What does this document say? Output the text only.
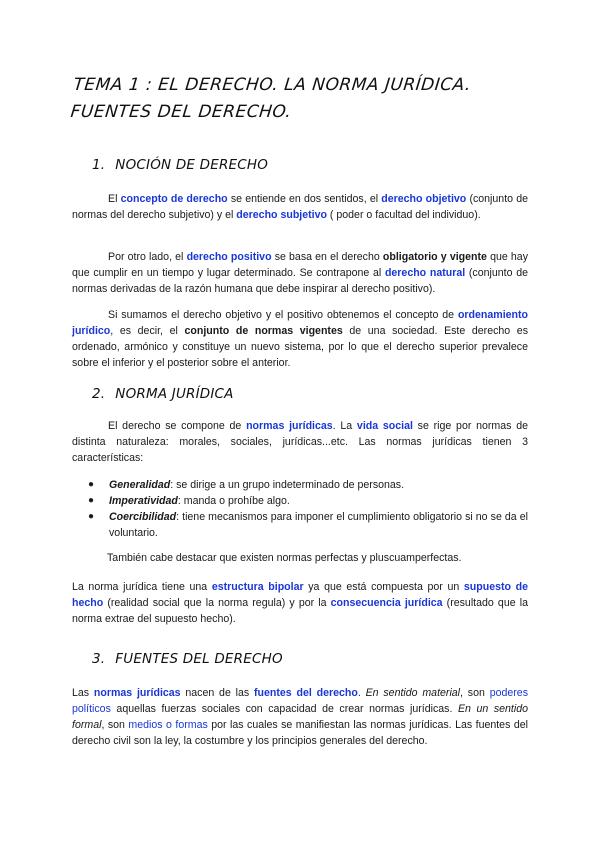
TEMA 1 : EL DERECHO. LA NORMA JURÍDICA. FUENTES DEL DERECHO.
1. NOCIÓN DE DERECHO

El concepto de derecho se entiende en dos sentidos, el derecho objetivo (conjunto de normas del derecho subjetivo) y el derecho subjetivo ( poder o facultad del individuo).

Por otro lado, el derecho positivo se basa en el derecho obligatorio y vigente que hay que cumplir en un tiempo y lugar determinado. Se contrapone al derecho natural (conjunto de normas derivadas de la razón humana que debe inspirar al derecho positivo).

Si sumamos el derecho objetivo y el positivo obtenemos el concepto de ordenamiento jurídico, es decir, el conjunto de normas vigentes de una sociedad. Este derecho es ordenado, armónico y constituye un nuevo sistema, por lo que el derecho superior prevalece sobre el inferior y el posterior sobre el anterior.

2. NORMA JURÍDICA

El derecho se compone de normas jurídicas. La vida social se rige por normas de distinta naturaleza: morales, sociales, jurídicas...etc. Las normas jurídicas tienen 3 características:

● Generalidad: se dirige a un grupo indeterminado de personas.
● Imperatividad: manda o prohíbe algo.
● Coercibilidad: tiene mecanismos para imponer el cumplimiento obligatorio si no se da el voluntario.

También cabe destacar que existen normas perfectas y pluscuamperfectas.

La norma jurídica tiene una estructura bipolar ya que está compuesta por un supuesto de hecho (realidad social que la norma regula) y por la consecuencia jurídica (resultado que la norma extrae del supuesto hecho).

3. FUENTES DEL DERECHO

Las normas jurídicas nacen de las fuentes del derecho. En sentido material, son poderes políticos aquellas fuerzas sociales con capacidad de crear normas jurídicas. En un sentido formal, son medios o formas por las cuales se manifiestan las normas jurídicas. Las fuentes del derecho civil son la ley, la costumbre y los principios generales del derecho.
